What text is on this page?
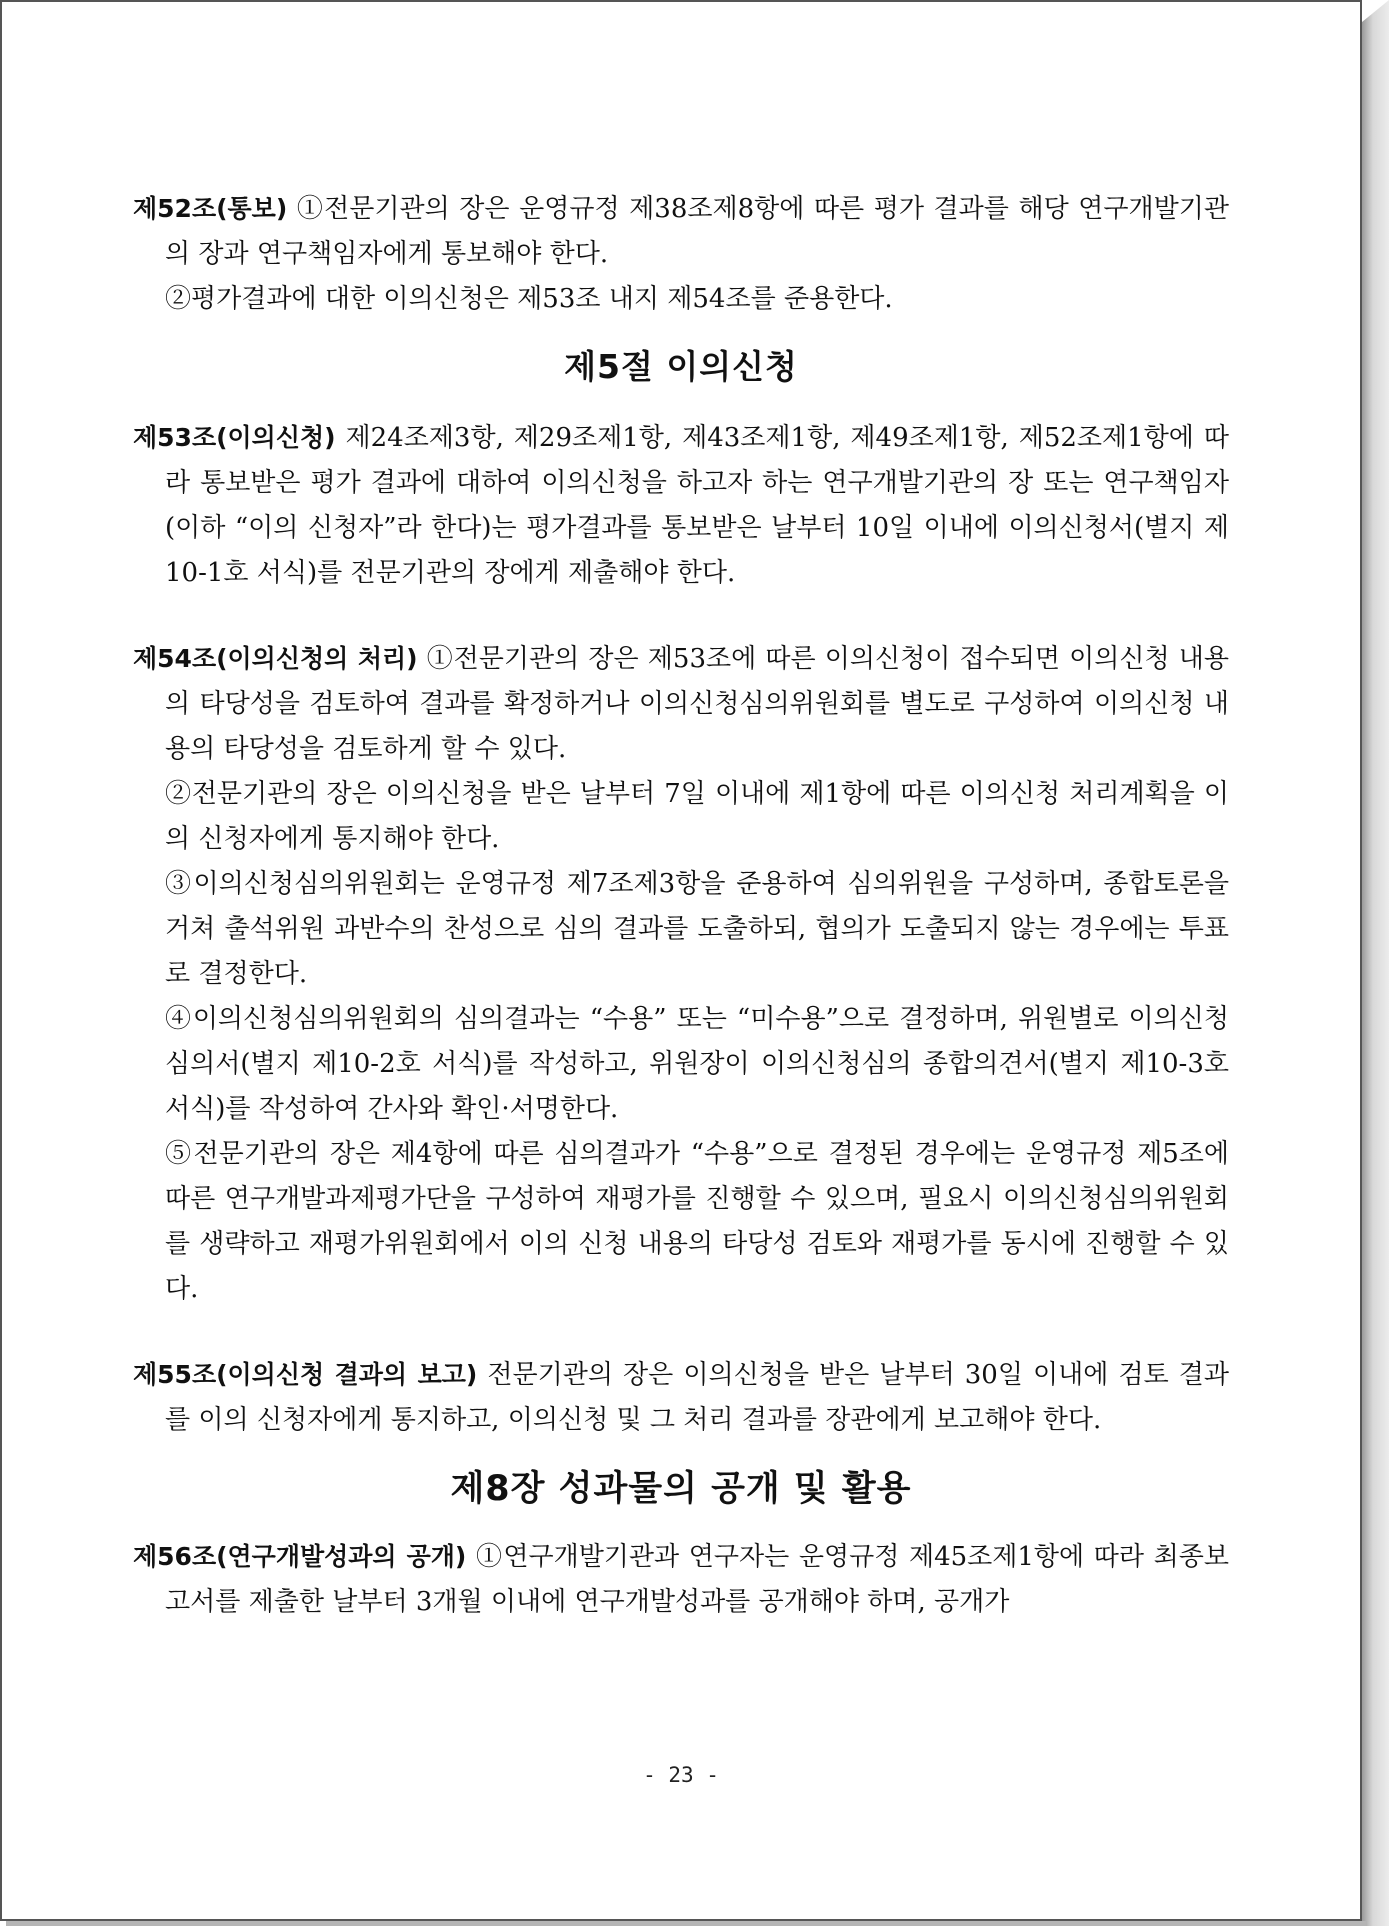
제52조(통보) ①전문기관의 장은 운영규정 제38조제8항에 따른 평가 결과를 해당 연구개발기관의 장과 연구책임자에게 통보해야 한다.

②평가결과에 대한 이의신청은 제53조 내지 제54조를 준용한다.

제5절 이의신청

제53조(이의신청) 제24조제3항, 제29조제1항, 제43조제1항, 제49조제1항, 제52조제1항에 따라 통보받은 평가 결과에 대하여 이의신청을 하고자 하는 연구개발기관의 장 또는 연구책임자(이하 “이의 신청자”라 한다)는 평가결과를 통보받은 날부터 10일 이내에 이의신청서(별지 제10-1호 서식)를 전문기관의 장에게 제출해야 한다.

제54조(이의신청의 처리) ①전문기관의 장은 제53조에 따른 이의신청이 접수되면 이의신청 내용의 타당성을 검토하여 결과를 확정하거나 이의신청심의위원회를 별도로 구성하여 이의신청 내용의 타당성을 검토하게 할 수 있다.

②전문기관의 장은 이의신청을 받은 날부터 7일 이내에 제1항에 따른 이의신청 처리계획을 이의 신청자에게 통지해야 한다.

③이의신청심의위원회는 운영규정 제7조제3항을 준용하여 심의위원을 구성하며, 종합토론을 거쳐 출석위원 과반수의 찬성으로 심의 결과를 도출하되, 협의가 도출되지 않는 경우에는 투표로 결정한다.

④이의신청심의위원회의 심의결과는 “수용” 또는 “미수용”으로 결정하며, 위원별로 이의신청심의서(별지 제10-2호 서식)를 작성하고, 위원장이 이의신청심의 종합의견서(별지 제10-3호 서식)를 작성하여 간사와 확인·서명한다.

⑤전문기관의 장은 제4항에 따른 심의결과가 “수용”으로 결정된 경우에는 운영규정 제5조에 따른 연구개발과제평가단을 구성하여 재평가를 진행할 수 있으며, 필요시 이의신청심의위원회를 생략하고 재평가위원회에서 이의 신청 내용의 타당성 검토와 재평가를 동시에 진행할 수 있다.

제55조(이의신청 결과의 보고) 전문기관의 장은 이의신청을 받은 날부터 30일 이내에 검토 결과를 이의 신청자에게 통지하고, 이의신청 및 그 처리 결과를 장관에게 보고해야 한다.

제8장 성과물의 공개 및 활용

제56조(연구개발성과의 공개) ①연구개발기관과 연구자는 운영규정 제45조제1항에 따라 최종보고서를 제출한 날부터 3개월 이내에 연구개발성과를 공개해야 하며, 공개가

- 23 -
